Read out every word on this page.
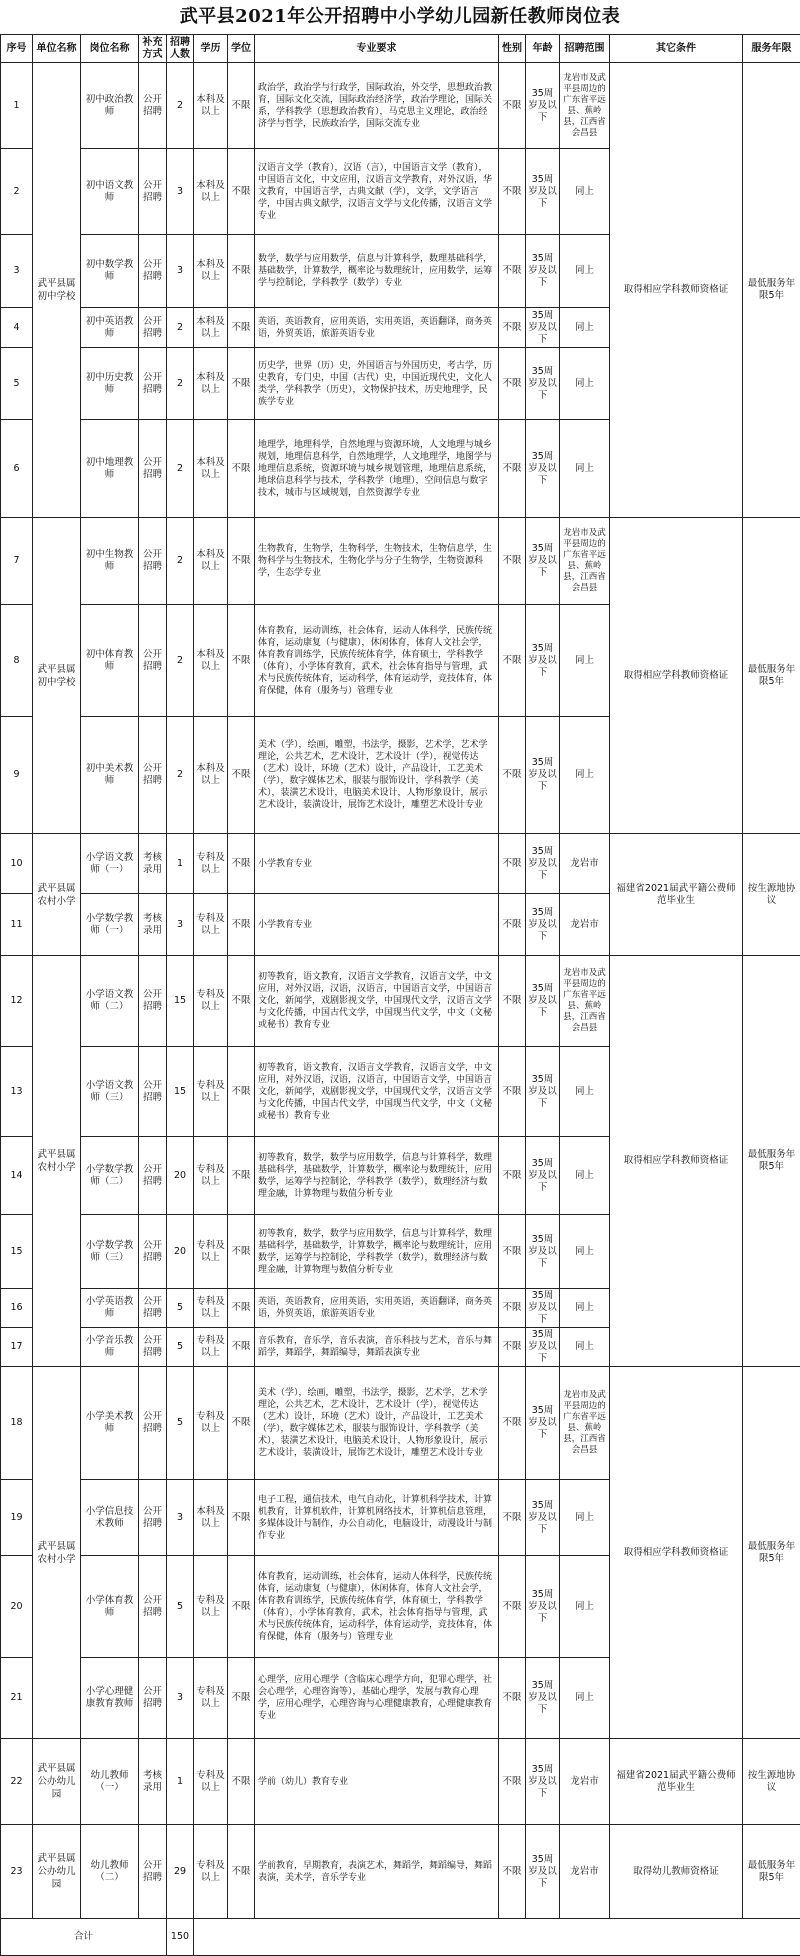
武平县2021年公开招聘中小学幼儿园新任教师岗位表
序号	单位名称	岗位名称	补充方式	招聘人数	学历	学位	专业要求	性别	年龄	招聘范围	其它条件	服务年限
1	武平县属初中学校	初中政治教师	公开招聘	2	本科及以上	不限	政治学，政治学与行政学，国际政治，外交学，思想政治教育，国际文化交流，国际政治经济学，政治学理论，国际关系，学科教学（思想政治教育），马克思主义理论，政治经济学与哲学，民族政治学，国际交流专业	不限	35周岁及以下	龙岩市及武平县周边的广东省平远县、蕉岭县，江西省会昌县	取得相应学科教师资格证	最低服务年限5年
2		初中语文教师	公开招聘	3	本科及以上	不限	汉语言文学（教育），汉语（言），中国语言文学（教育），中国语言文化，中文应用，汉语言文学教育，对外汉语，华文教育，中国语言学，古典文献（学），文学，文学语言学，中国古典文献学，汉语言文学与文化传播，汉语言文学专业	不限	35周岁及以下	同上		
3		初中数学教师	公开招聘	3	本科及以上	不限	数学，数学与应用数学，信息与计算科学，数理基础科学，基础数学，计算数学，概率论与数理统计，应用数学，运筹学与控制论，学科教学（数学）专业	不限	35周岁及以下	同上		
4		初中英语教师	公开招聘	2	本科及以上	不限	英语，英语教育，应用英语，实用英语，英语翻译，商务英语，外贸英语，旅游英语专业	不限	35周岁及以下	同上		
5		初中历史教师	公开招聘	2	本科及以上	不限	历史学，世界（历）史，外国语言与外国历史，考古学，历史教育，专门史，中国（古代）史，中国近现代史，文化人类学，学科教学（历史），文物保护技术，历史地理学，民族学专业	不限	35周岁及以下	同上		
6		初中地理教师	公开招聘	2	本科及以上	不限	地理学，地理科学，自然地理与资源环境，人文地理与城乡规划，地理信息科学，自然地理学，人文地理学，地图学与地理信息系统，资源环境与城乡规划管理，地理信息系统，地球信息科学与技术，学科教学（地理），空间信息与数字技术，城市与区域规划，自然资源学专业	不限	35周岁及以下	同上		
7	武平县属初中学校	初中生物教师	公开招聘	2	本科及以上	不限	生物教育，生物学，生物科学，生物技术，生物信息学，生物科学与生物技术，生物化学与分子生物学，生物资源科学，生态学专业	不限	35周岁及以下	龙岩市及武平县周边的广东省平远县、蕉岭县，江西省会昌县	取得相应学科教师资格证	最低服务年限5年
8		初中体育教师	公开招聘	2	本科及以上	不限	体育教育，运动训练，社会体育，运动人体科学，民族传统体育，运动康复（与健康），休闲体育，体育人文社会学，体育教育训练学，民族传统体育学，体育硕士，学科教学（体育），小学体育教育，武术，社会体育指导与管理，武术与民族传统体育，运动科学，体育运动学，竞技体育，体育保健，体育（服务与）管理专业	不限	35周岁及以下	同上		
9		初中美术教师	公开招聘	2	本科及以上	不限	美术（学），绘画，雕塑，书法学，摄影，艺术学，艺术学理论，公共艺术，艺术设计，艺术设计（学），视觉传达（艺术）设计，环境（艺术）设计，产品设计，工艺美术（学），数字媒体艺术，服装与服饰设计，学科教学（美术），装潢艺术设计，电脑美术设计，人物形象设计，展示艺术设计，装潢设计，展饰艺术设计，雕塑艺术设计专业	不限	35周岁及以下	同上		
10	武平县属农村小学	小学语文教师（一）	考核录用	1	专科及以上	不限	小学教育专业	不限	35周岁及以下	龙岩市	福建省2021届武平籍公费师范毕业生	按生源地协议
11		小学数学教师（一）	考核录用	3	专科及以上	不限	小学教育专业	不限	35周岁及以下	龙岩市		
12	武平县属农村小学	小学语文教师（二）	公开招聘	15	专科及以上	不限	初等教育，语文教育，汉语言文学教育，汉语言文学，中文应用，对外汉语，汉语，汉语言，中国语言文学，中国语言文化，新闻学，戏剧影视文学，中国现代文学，汉语言文学与文化传播，中国古代文学，中国现当代文学，中文（文秘或秘书）教育专业	不限	35周岁及以下	龙岩市及武平县周边的广东省平远县、蕉岭县，江西省会昌县	取得相应学科教师资格证	最低服务年限5年
13		小学语文教师（三）	公开招聘	15	专科及以上	不限	初等教育，语文教育，汉语言文学教育，汉语言文学，中文应用，对外汉语，汉语，汉语言，中国语言文学，中国语言文化，新闻学，戏剧影视文学，中国现代文学，汉语言文学与文化传播，中国古代文学，中国现当代文学，中文（文秘或秘书）教育专业	不限	35周岁及以下	同上		
14		小学数学教师（二）	公开招聘	20	专科及以上	不限	初等教育，数学，数学与应用数学，信息与计算科学，数理基础科学，基础数学，计算数学，概率论与数理统计，应用数学，运筹学与控制论，学科教学（数学），数理经济与数理金融，计算物理与数值分析专业	不限	35周岁及以下	同上		
15		小学数学教师（三）	公开招聘	20	专科及以上	不限	初等教育，数学，数学与应用数学，信息与计算科学，数理基础科学，基础数学，计算数学，概率论与数理统计，应用数学，运筹学与控制论，学科教学（数学），数理经济与数理金融，计算物理与数值分析专业	不限	35周岁及以下	同上		
16		小学英语教师	公开招聘	5	专科及以上	不限	英语，英语教育，应用英语，实用英语，英语翻译，商务英语，外贸英语，旅游英语专业	不限	35周岁及以下	同上		
17		小学音乐教师	公开招聘	5	专科及以上	不限	音乐教育，音乐学，音乐表演，音乐科技与艺术，音乐与舞蹈学，舞蹈学，舞蹈编导，舞蹈表演专业	不限	35周岁及以下	同上		
18	武平县属农村小学	小学美术教师	公开招聘	5	专科及以上	不限	美术（学），绘画，雕塑，书法学，摄影，艺术学，艺术学理论，公共艺术，艺术设计，艺术设计（学），视觉传达（艺术）设计，环境（艺术）设计，产品设计，工艺美术（学），数字媒体艺术，服装与服饰设计，学科教学（美术），装潢艺术设计，电脑美术设计，人物形象设计，展示艺术设计，装潢设计，展饰艺术设计，雕塑艺术设计专业	不限	35周岁及以下	龙岩市及武平县周边的广东省平远县、蕉岭县，江西省会昌县	取得相应学科教师资格证	最低服务年限5年
19		小学信息技术教师	公开招聘	3	本科及以上	不限	电子工程，通信技术，电气自动化，计算机科学技术，计算机教育，计算机软件，计算机网络技术，计算机信息管理，多媒体设计与制作，办公自动化，电脑设计，动漫设计与制作专业	不限	35周岁及以下	同上		
20		小学体育教师	公开招聘	5	专科及以上	不限	体育教育，运动训练，社会体育，运动人体科学，民族传统体育，运动康复（与健康），休闲体育，体育人文社会学，体育教育训练学，民族传统体育学，体育硕士，学科教学（体育），小学体育教育，武术，社会体育指导与管理，武术与民族传统体育，运动科学，体育运动学，竞技体育，体育保健，体育（服务与）管理专业	不限	35周岁及以下	同上		
21		小学心理健康教育教师	公开招聘	3	专科及以上	不限	心理学，应用心理学（含临床心理学方向，犯罪心理学，社会心理学，心理咨询等），基础心理学，发展与教育心理学，应用心理学，心理咨询与心理健康教育，心理健康教育专业	不限	35周岁及以下	同上		
22	武平县属公办幼儿园	幼儿教师（一）	考核录用	1	专科及以上	不限	学前（幼儿）教育专业	不限	35周岁及以下	龙岩市	福建省2021届武平籍公费师范毕业生	按生源地协议
23	武平县属公办幼儿园	幼儿教师（二）	公开招聘	29	专科及以上	不限	学前教育，早期教育，表演艺术，舞蹈学，舞蹈编导，舞蹈表演，美术学，音乐学专业	不限	35周岁及以下	龙岩市	取得幼儿教师资格证	最低服务年限5年
合计				150								
